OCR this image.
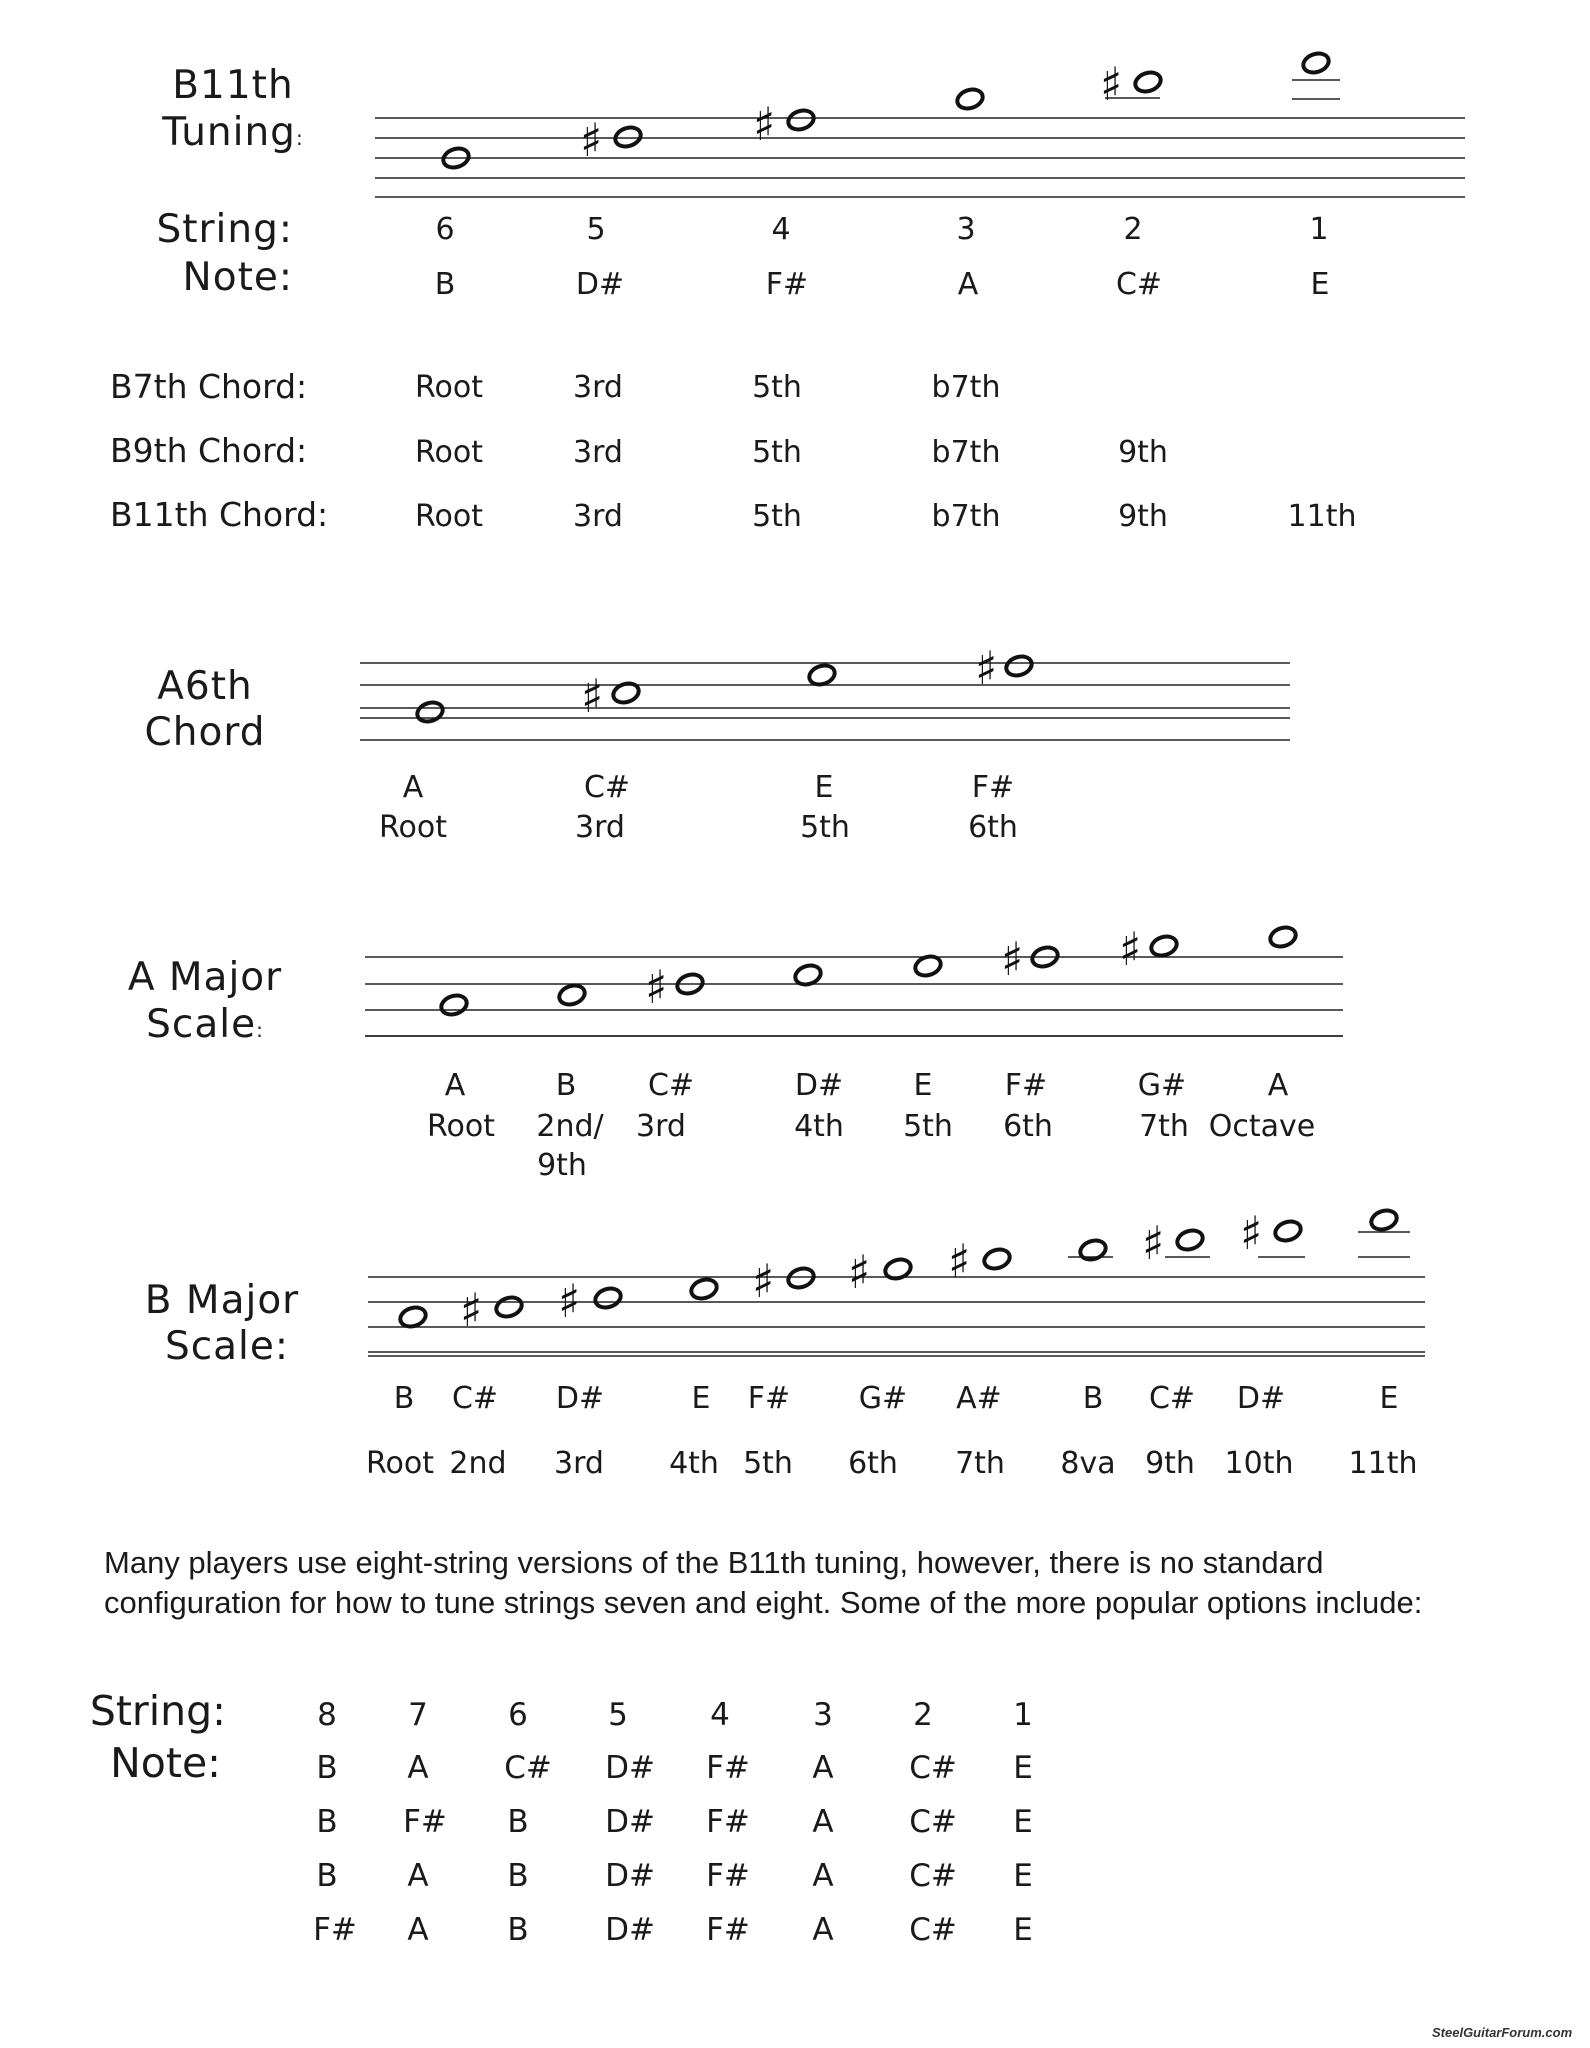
♯	♯
♯
♯
♯
♯
♯ ♯
♯ ♯	♯ ♯ ♯	♯ ♯
B11th
Tuning:
String:
Note:
6	5	4	3	2	1
B	D#	F#	A	C#	E
B7th Chord:	Root	3rd	5th	b7th
B9th Chord:	Root	3rd	5th	b7th	9th
B11th Chord:	Root	3rd	5th	b7th	9th	11th
A6th
Chord
A	C#	E	F#
Root	3rd	5th	6th
A Major
Scale:
A	B C#	D# E F#	G#	A
Root 2nd/ 3rd	4th 5th 6th	7th Octave
9th
B Major
Scale:
B C# D#	E F# G# A#	B C# D#	E
Root 2nd 3rd 4th 5th 6th 7th 8va 9th 10th 11th
Many players use eight-string versions of the B11th tuning, however, there is no standard
configuration for how to tune strings seven and eight. Some of the more popular options include:
String:
Note:
8 7	6	5	4	3	2	1
B A C# D# F# A C# E
B F# B D# F# A C# E
B A	B D# F# A C# E
F# A	B D# F# A C# E
SteelGuitarForum.com
